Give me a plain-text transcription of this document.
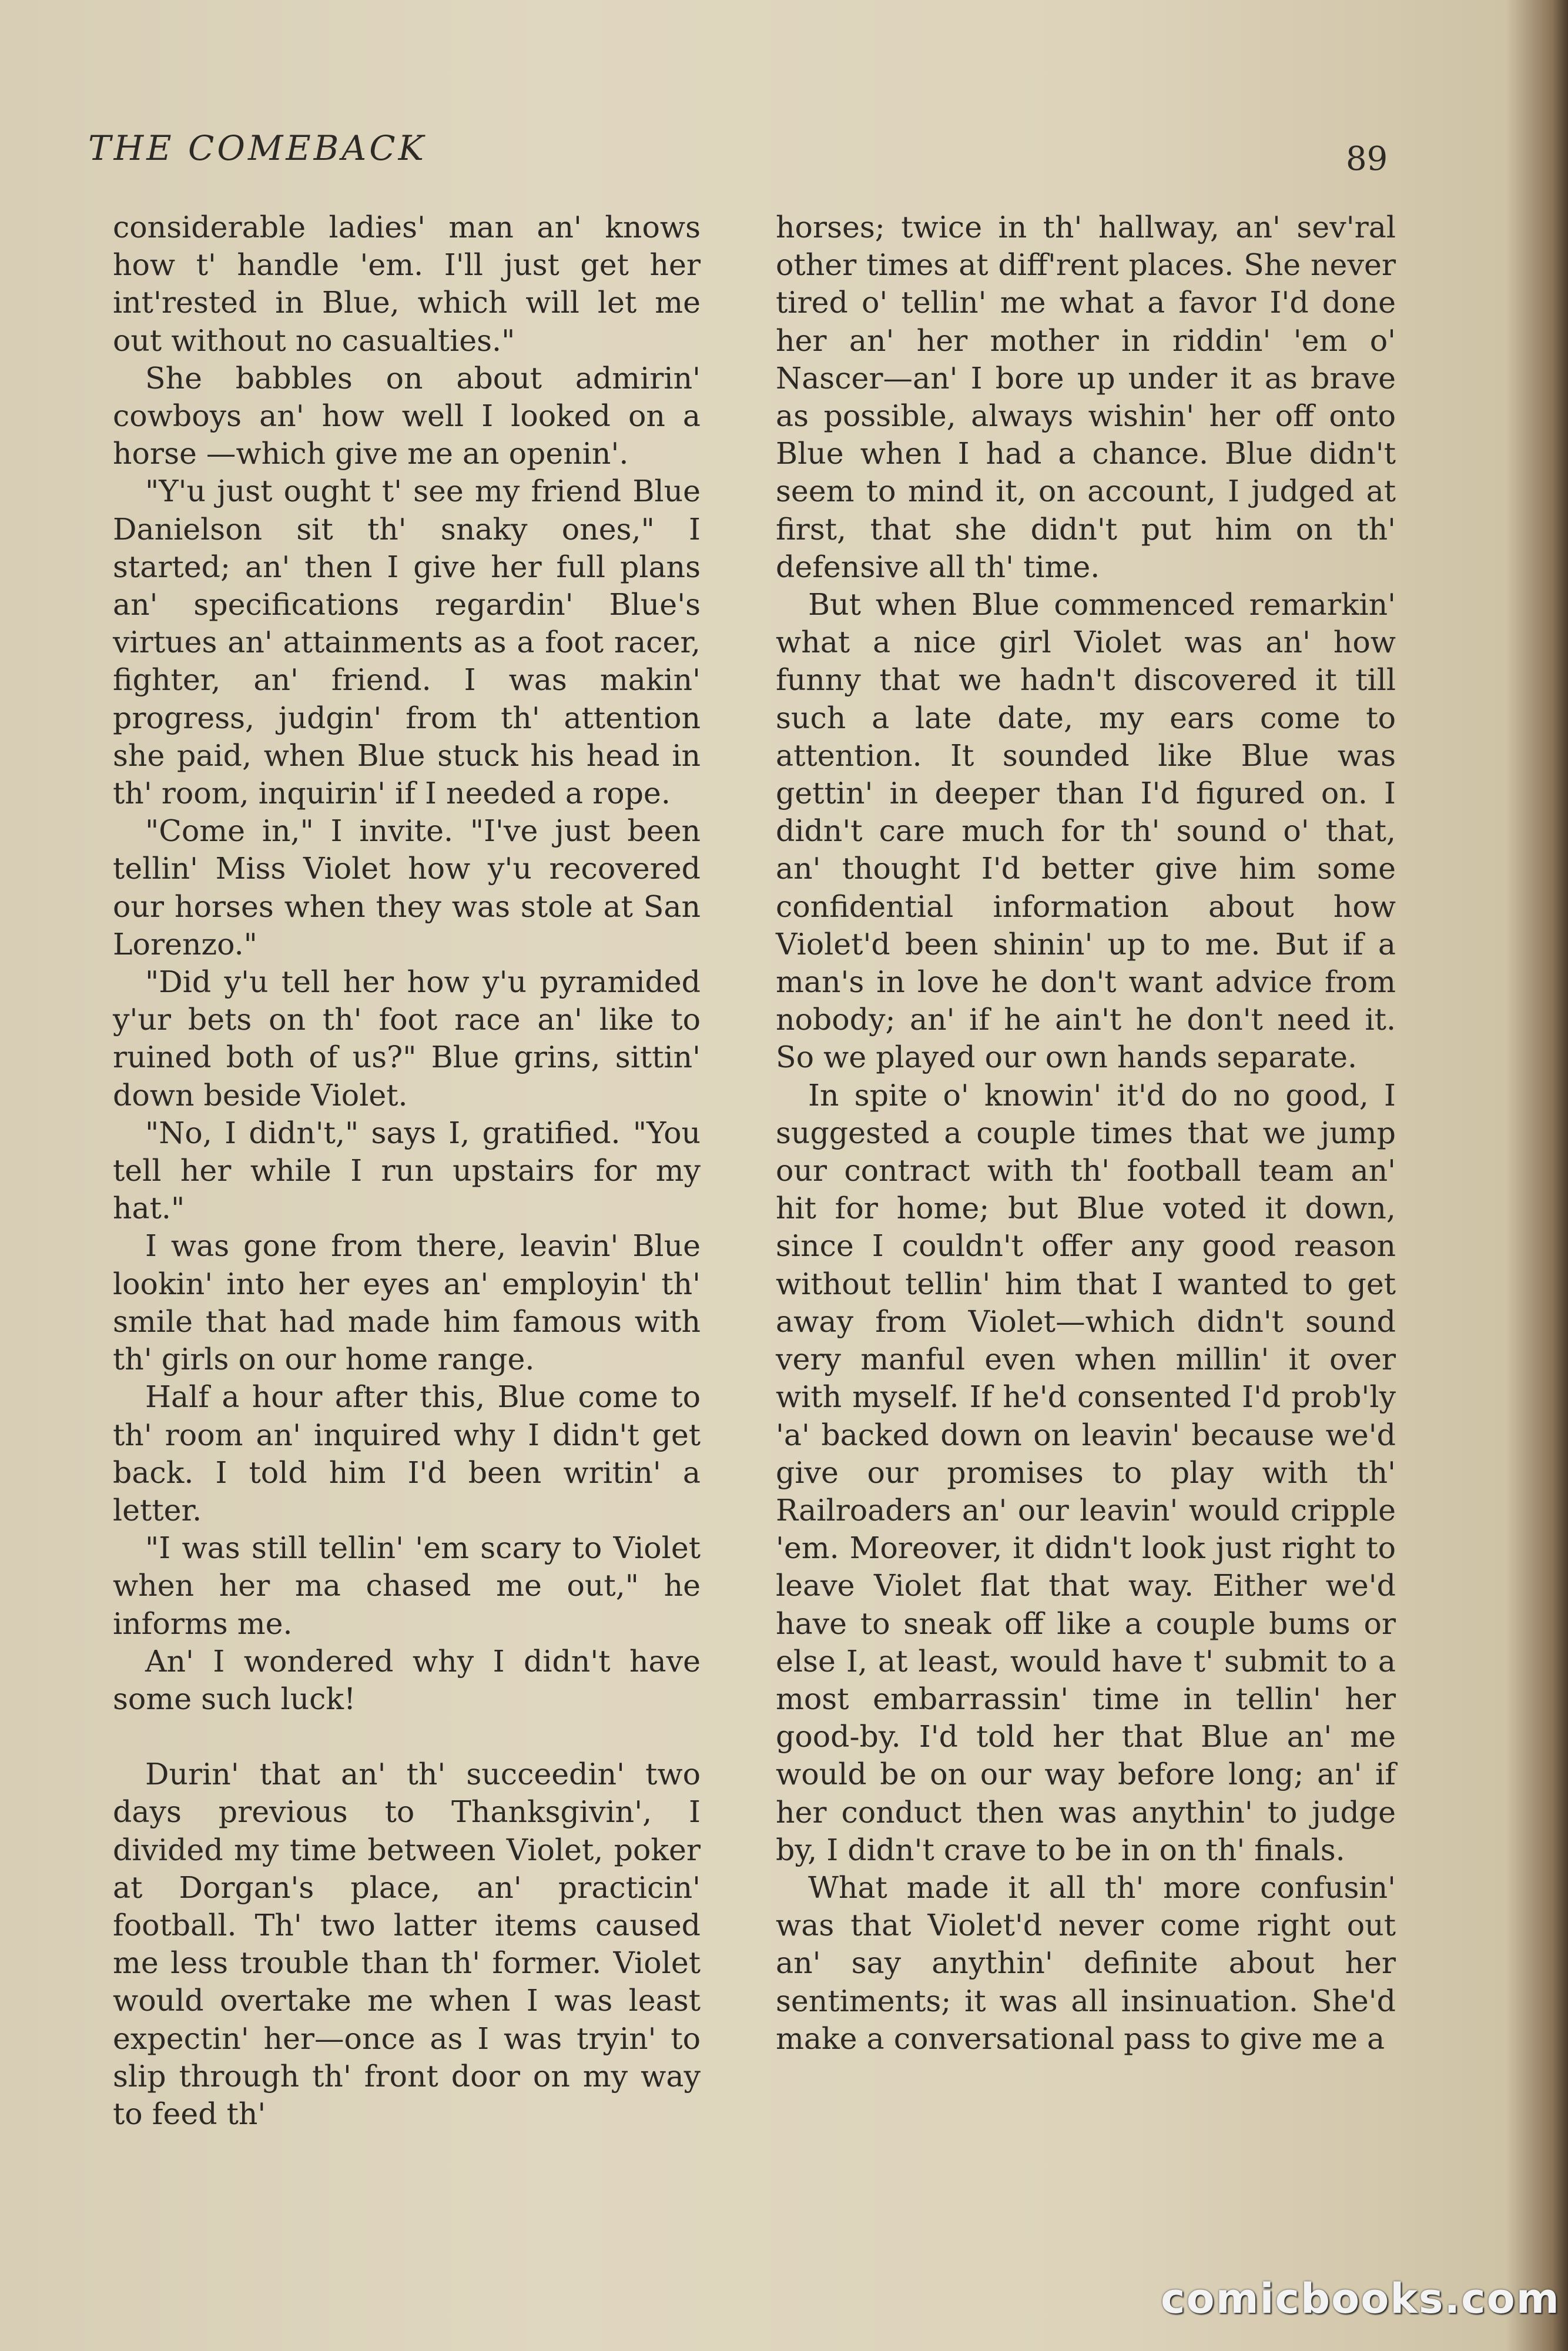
THE COMEBACK	89

considerable ladies' man an' knows how t' handle 'em. I'll just get her int'rested in Blue, which will let me out without no casualties."

She babbles on about admirin' cowboys an' how well I looked on a horse —which give me an openin'.

"Y'u just ought t' see my friend Blue Danielson sit th' snaky ones," I started; an' then I give her full plans an' specifications regardin' Blue's virtues an' attainments as a foot racer, fighter, an' friend. I was makin' progress, judgin' from th' attention she paid, when Blue stuck his head in th' room, inquirin' if I needed a rope.

"Come in," I invite. "I've just been tellin' Miss Violet how y'u recovered our horses when they was stole at San Lorenzo."

"Did y'u tell her how y'u pyramided y'ur bets on th' foot race an' like to ruined both of us?" Blue grins, sittin' down beside Violet.

"No, I didn't," says I, gratified. "You tell her while I run upstairs for my hat."

I was gone from there, leavin' Blue lookin' into her eyes an' employin' th' smile that had made him famous with th' girls on our home range.

Half a hour after this, Blue come to th' room an' inquired why I didn't get back. I told him I'd been writin' a letter.

"I was still tellin' 'em scary to Violet when her ma chased me out," he informs me.

An' I wondered why I didn't have some such luck!

Durin' that an' th' succeedin' two days previous to Thanksgivin', I divided my time between Violet, poker at Dorgan's place, an' practicin' football. Th' two latter items caused me less trouble than th' former. Violet would overtake me when I was least expectin' her—once as I was tryin' to slip through th' front door on my way to feed th'

horses; twice in th' hallway, an' sev'ral other times at diff'rent places. She never tired o' tellin' me what a favor I'd done her an' her mother in riddin' 'em o' Nascer—an' I bore up under it as brave as possible, always wishin' her off onto Blue when I had a chance. Blue didn't seem to mind it, on account, I judged at first, that she didn't put him on th' defensive all th' time.

But when Blue commenced remarkin' what a nice girl Violet was an' how funny that we hadn't discovered it till such a late date, my ears come to attention. It sounded like Blue was gettin' in deeper than I'd figured on. I didn't care much for th' sound o' that, an' thought I'd better give him some confidential information about how Violet'd been shinin' up to me. But if a man's in love he don't want advice from nobody; an' if he ain't he don't need it. So we played our own hands separate.

In spite o' knowin' it'd do no good, I suggested a couple times that we jump our contract with th' football team an' hit for home; but Blue voted it down, since I couldn't offer any good reason without tellin' him that I wanted to get away from Violet—which didn't sound very manful even when millin' it over with myself. If he'd consented I'd prob'ly 'a' backed down on leavin' because we'd give our promises to play with th' Railroaders an' our leavin' would cripple 'em. Moreover, it didn't look just right to leave Violet flat that way. Either we'd have to sneak off like a couple bums or else I, at least, would have t' submit to a most embarrassin' time in tellin' her good-by. I'd told her that Blue an' me would be on our way before long; an' if her conduct then was anythin' to judge by, I didn't crave to be in on th' finals.

What made it all th' more confusin' was that Violet'd never come right out an' say anythin' definite about her sentiments; it was all insinuation. She'd make a conversational pass to give me a

comicbooks.com
